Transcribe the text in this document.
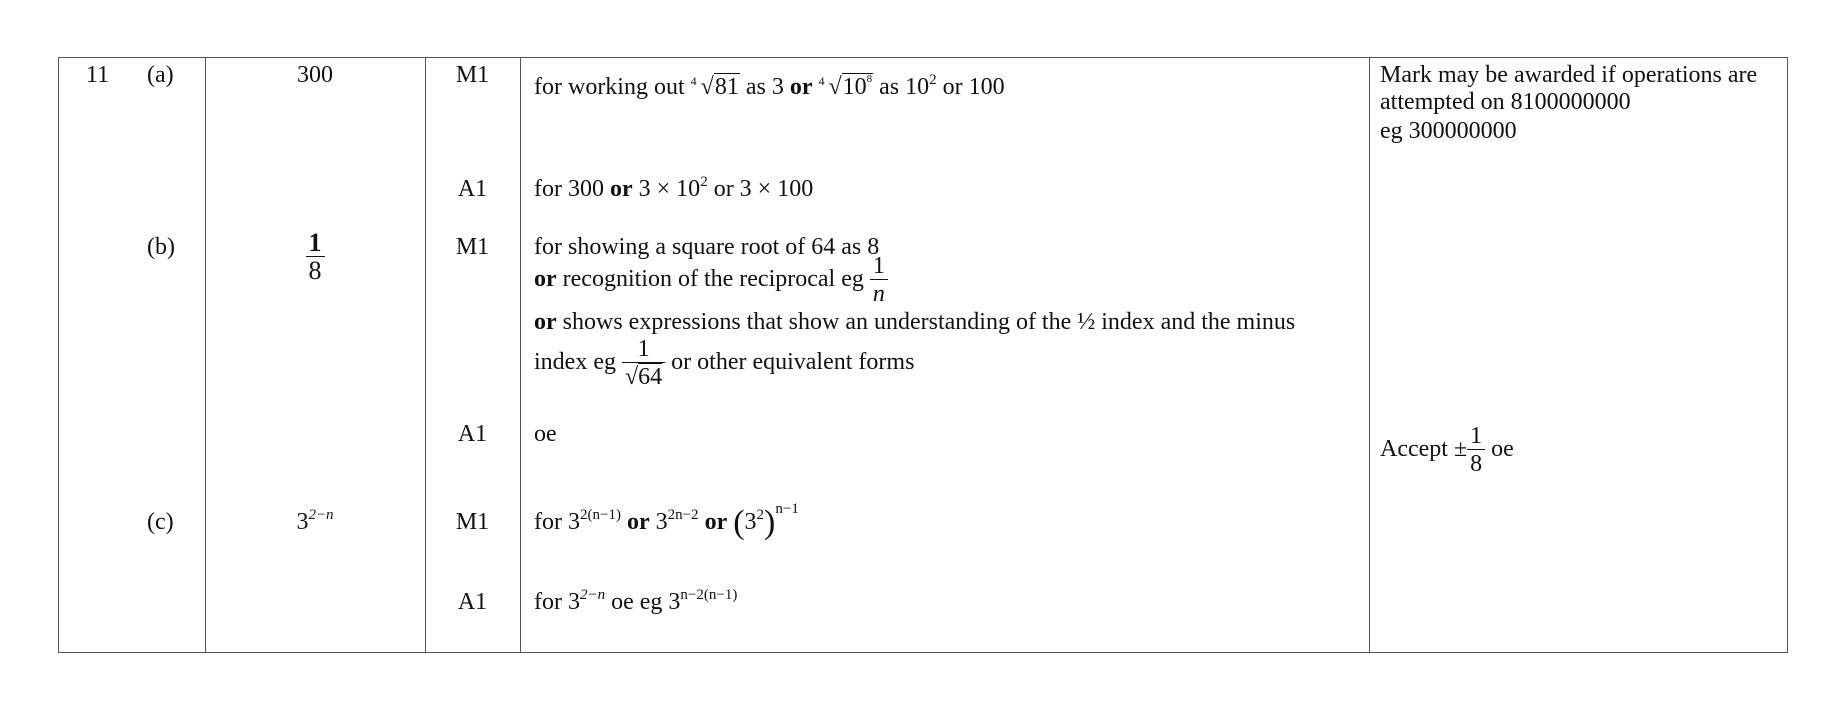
11 (a)
(b)
(c)
300
$\frac{1}{8}$
$3^{2-n}$
M1
A1
M1
A1
M1
A1
for working out 4 √81 as 3 or 4 $√10^8$ as $10^2$ or 100
for 300 or $3 \times 10^2$ or 3 × 100
for showing a square root of 64 as 8
or recognition of the reciprocal eg $\frac{1}{n}$
or shows expressions that show an understanding of the ½ index and the minus
index eg $\frac{1}{√64}$ or other equivalent forms
oe
for $3^{2(n-1)}$ or $3^{2n-2}$ or $(3^2)^{n-1}$
for $3^{2-n}$ oe eg $3^{n-2(n-1)}$
Mark may be awarded if operations are
attempted on 8100000000
eg 300000000
Accept ± $\frac{1}{8}$ oe
